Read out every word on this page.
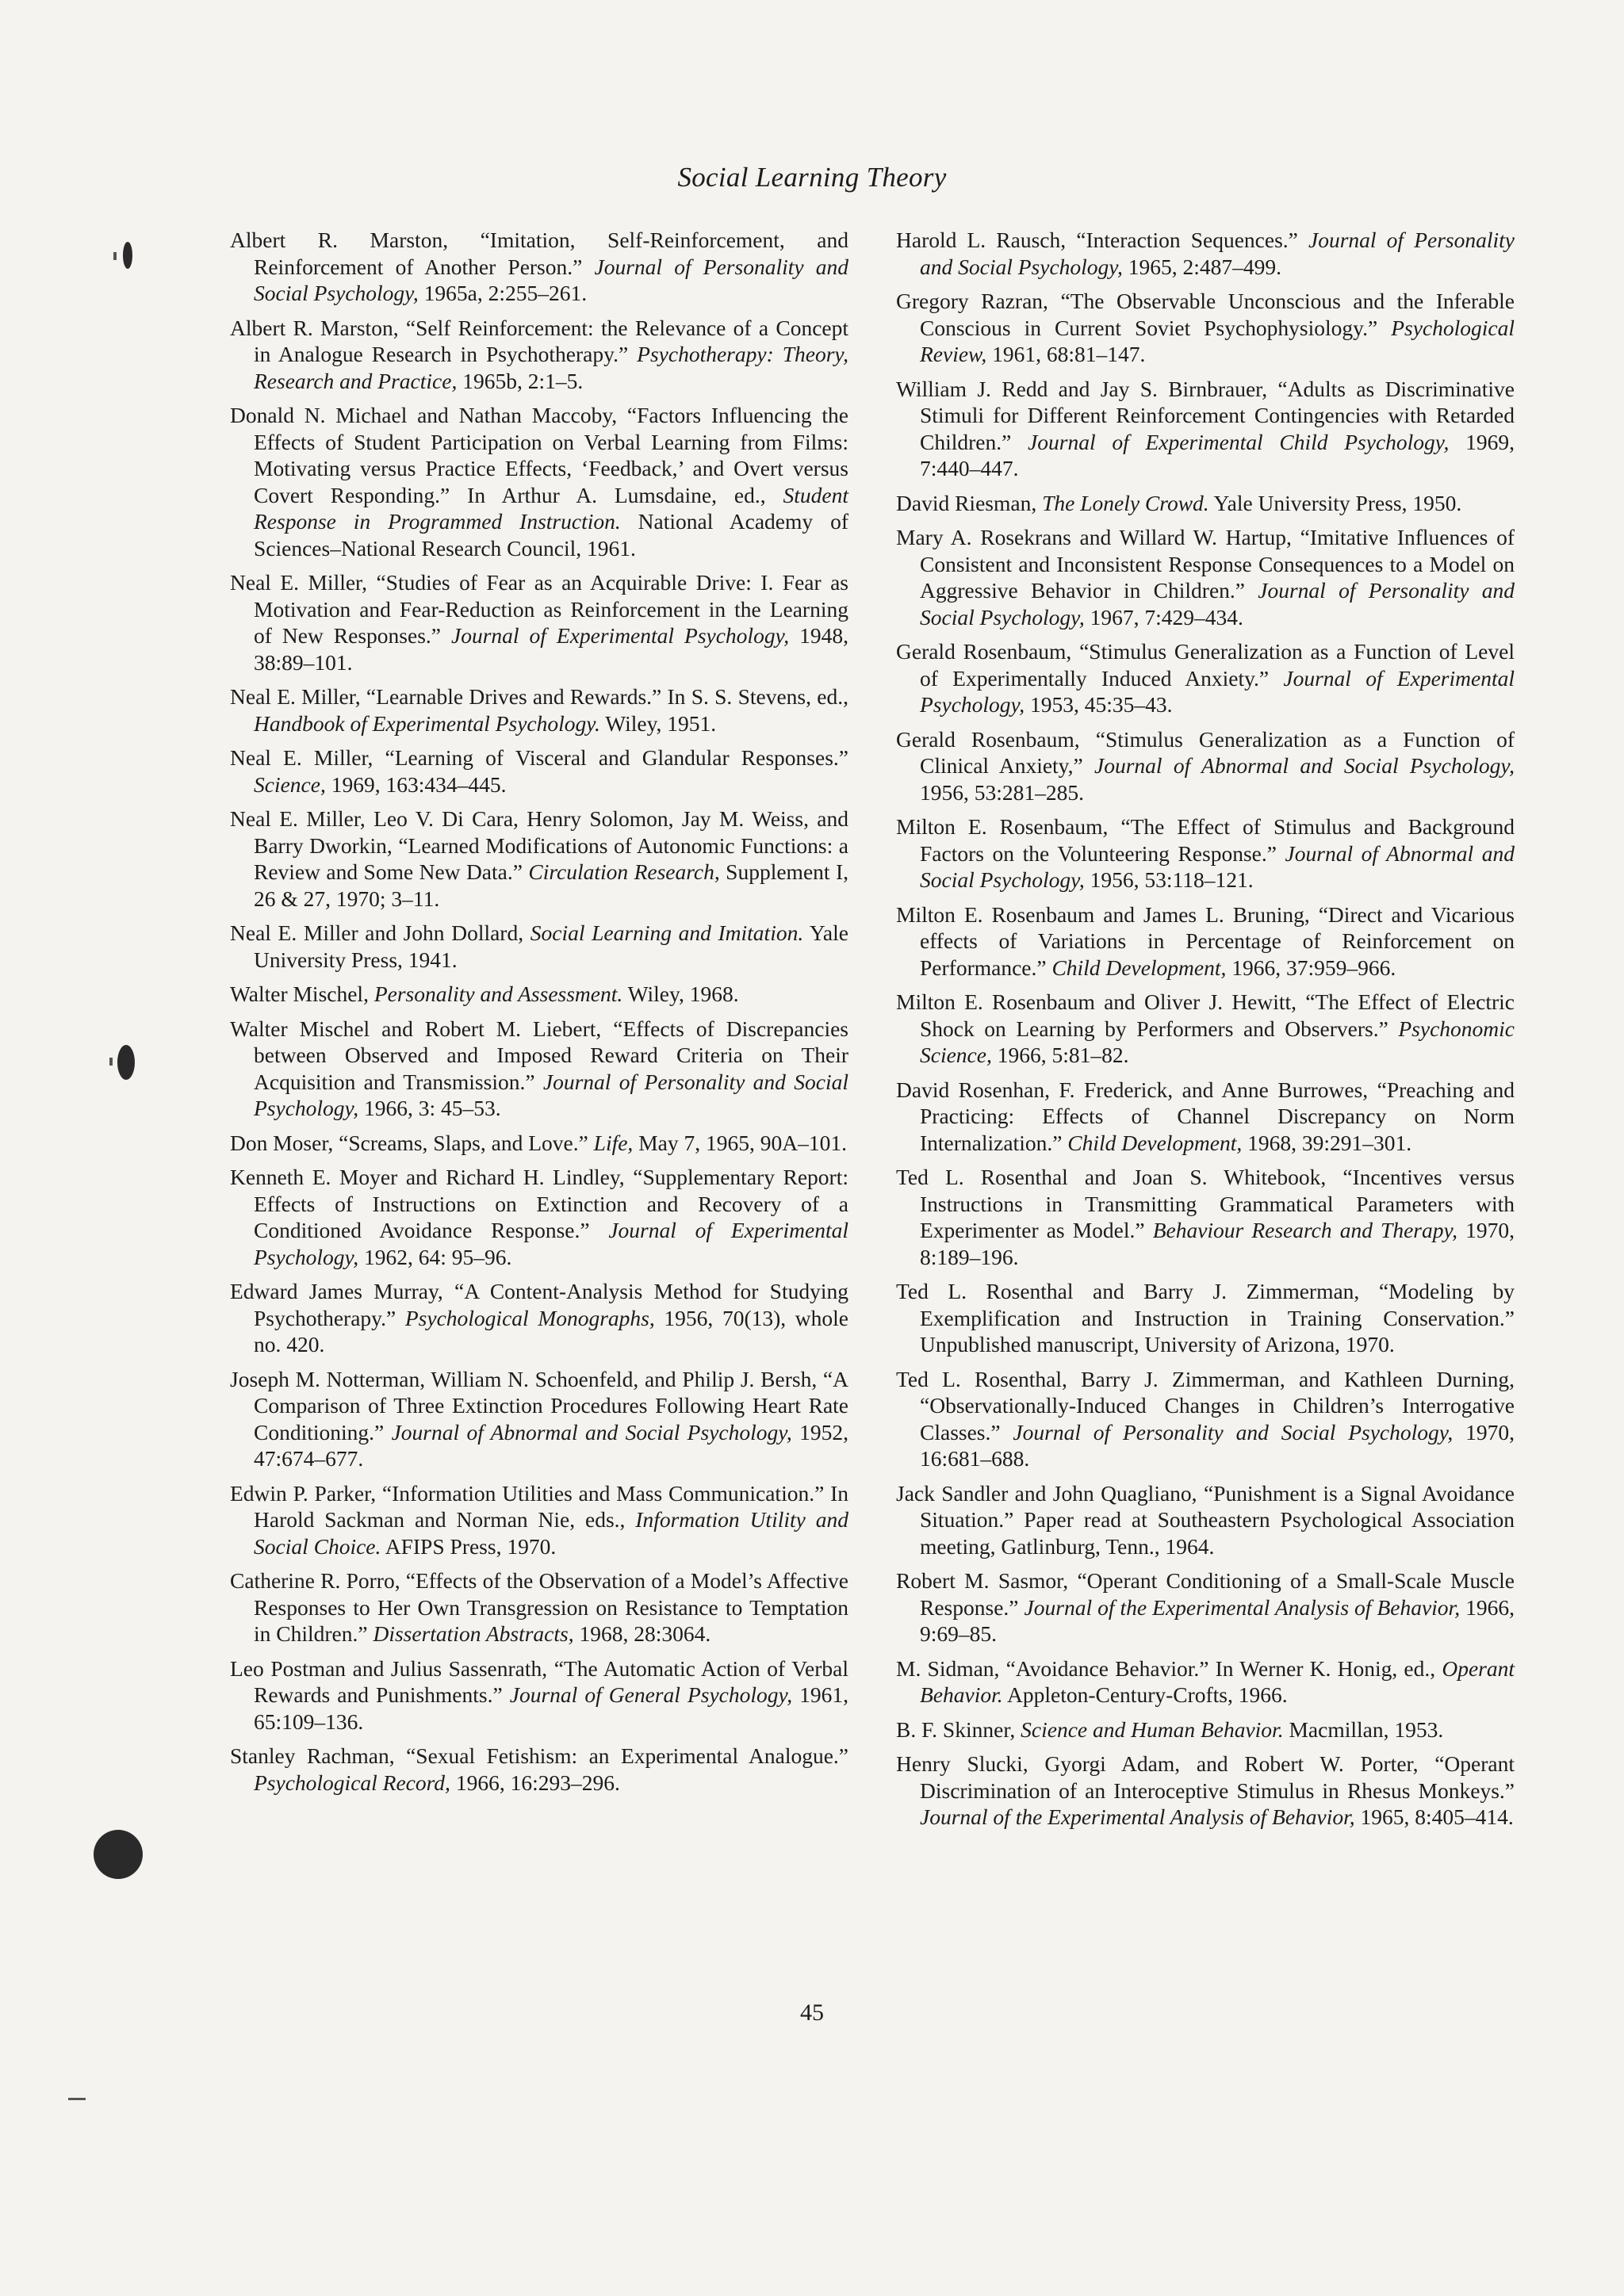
Social Learning Theory

Albert R. Marston, “Imitation, Self-Reinforcement, and Reinforcement of Another Person.” Journal of Personality and Social Psychology, 1965a, 2:255–261.

Albert R. Marston, “Self Reinforcement: the Relevance of a Concept in Analogue Research in Psychotherapy.” Psychotherapy: Theory, Research and Practice, 1965b, 2:1–5.

Donald N. Michael and Nathan Maccoby, “Factors Influencing the Effects of Student Participation on Verbal Learning from Films: Motivating versus Practice Effects, ‘Feedback,’ and Overt versus Covert Responding.” In Arthur A. Lumsdaine, ed., Student Response in Programmed Instruction. National Academy of Sciences–National Research Council, 1961.

Neal E. Miller, “Studies of Fear as an Acquirable Drive: I. Fear as Motivation and Fear-Reduction as Reinforcement in the Learning of New Responses.” Journal of Experimental Psychology, 1948, 38:89–101.

Neal E. Miller, “Learnable Drives and Rewards.” In S. S. Stevens, ed., Handbook of Experimental Psychology. Wiley, 1951.

Neal E. Miller, “Learning of Visceral and Glandular Responses.” Science, 1969, 163:434–445.

Neal E. Miller, Leo V. Di Cara, Henry Solomon, Jay M. Weiss, and Barry Dworkin, “Learned Modifications of Autonomic Functions: a Review and Some New Data.” Circulation Research, Supplement I, 26 & 27, 1970; 3–11.

Neal E. Miller and John Dollard, Social Learning and Imitation. Yale University Press, 1941.

Walter Mischel, Personality and Assessment. Wiley, 1968.

Walter Mischel and Robert M. Liebert, “Effects of Discrepancies between Observed and Imposed Reward Criteria on Their Acquisition and Transmission.” Journal of Personality and Social Psychology, 1966, 3: 45–53.

Don Moser, “Screams, Slaps, and Love.” Life, May 7, 1965, 90A–101.

Kenneth E. Moyer and Richard H. Lindley, “Supplementary Report: Effects of Instructions on Extinction and Recovery of a Conditioned Avoidance Response.” Journal of Experimental Psychology, 1962, 64: 95–96.

Edward James Murray, “A Content-Analysis Method for Studying Psychotherapy.” Psychological Monographs, 1956, 70(13), whole no. 420.

Joseph M. Notterman, William N. Schoenfeld, and Philip J. Bersh, “A Comparison of Three Extinction Procedures Following Heart Rate Conditioning.” Journal of Abnormal and Social Psychology, 1952, 47:674–677.

Edwin P. Parker, “Information Utilities and Mass Communication.” In Harold Sackman and Norman Nie, eds., Information Utility and Social Choice. AFIPS Press, 1970.

Catherine R. Porro, “Effects of the Observation of a Model’s Affective Responses to Her Own Transgression on Resistance to Temptation in Children.” Dissertation Abstracts, 1968, 28:3064.

Leo Postman and Julius Sassenrath, “The Automatic Action of Verbal Rewards and Punishments.” Journal of General Psychology, 1961, 65:109–136.

Stanley Rachman, “Sexual Fetishism: an Experimental Analogue.” Psychological Record, 1966, 16:293–296.

Harold L. Rausch, “Interaction Sequences.” Journal of Personality and Social Psychology, 1965, 2:487–499.

Gregory Razran, “The Observable Unconscious and the Inferable Conscious in Current Soviet Psychophysiology.” Psychological Review, 1961, 68:81–147.

William J. Redd and Jay S. Birnbrauer, “Adults as Discriminative Stimuli for Different Reinforcement Contingencies with Retarded Children.” Journal of Experimental Child Psychology, 1969, 7:440–447.

David Riesman, The Lonely Crowd. Yale University Press, 1950.

Mary A. Rosekrans and Willard W. Hartup, “Imitative Influences of Consistent and Inconsistent Response Consequences to a Model on Aggressive Behavior in Children.” Journal of Personality and Social Psychology, 1967, 7:429–434.

Gerald Rosenbaum, “Stimulus Generalization as a Function of Level of Experimentally Induced Anxiety.” Journal of Experimental Psychology, 1953, 45:35–43.

Gerald Rosenbaum, “Stimulus Generalization as a Function of Clinical Anxiety,” Journal of Abnormal and Social Psychology, 1956, 53:281–285.

Milton E. Rosenbaum, “The Effect of Stimulus and Background Factors on the Volunteering Response.” Journal of Abnormal and Social Psychology, 1956, 53:118–121.

Milton E. Rosenbaum and James L. Bruning, “Direct and Vicarious effects of Variations in Percentage of Reinforcement on Performance.” Child Development, 1966, 37:959–966.

Milton E. Rosenbaum and Oliver J. Hewitt, “The Effect of Electric Shock on Learning by Performers and Observers.” Psychonomic Science, 1966, 5:81–82.

David Rosenhan, F. Frederick, and Anne Burrowes, “Preaching and Practicing: Effects of Channel Discrepancy on Norm Internalization.” Child Development, 1968, 39:291–301.

Ted L. Rosenthal and Joan S. Whitebook, “Incentives versus Instructions in Transmitting Grammatical Parameters with Experimenter as Model.” Behaviour Research and Therapy, 1970, 8:189–196.

Ted L. Rosenthal and Barry J. Zimmerman, “Modeling by Exemplification and Instruction in Training Conservation.” Unpublished manuscript, University of Arizona, 1970.

Ted L. Rosenthal, Barry J. Zimmerman, and Kathleen Durning, “Observationally-Induced Changes in Children’s Interrogative Classes.” Journal of Personality and Social Psychology, 1970, 16:681–688.

Jack Sandler and John Quagliano, “Punishment is a Signal Avoidance Situation.” Paper read at Southeastern Psychological Association meeting, Gatlinburg, Tenn., 1964.

Robert M. Sasmor, “Operant Conditioning of a Small-Scale Muscle Response.” Journal of the Experimental Analysis of Behavior, 1966, 9:69–85.

M. Sidman, “Avoidance Behavior.” In Werner K. Honig, ed., Operant Behavior. Appleton-Century-Crofts, 1966.

B. F. Skinner, Science and Human Behavior. Macmillan, 1953.

Henry Slucki, Gyorgi Adam, and Robert W. Porter, “Operant Discrimination of an Interoceptive Stimulus in Rhesus Monkeys.” Journal of the Experimental Analysis of Behavior, 1965, 8:405–414.

45
